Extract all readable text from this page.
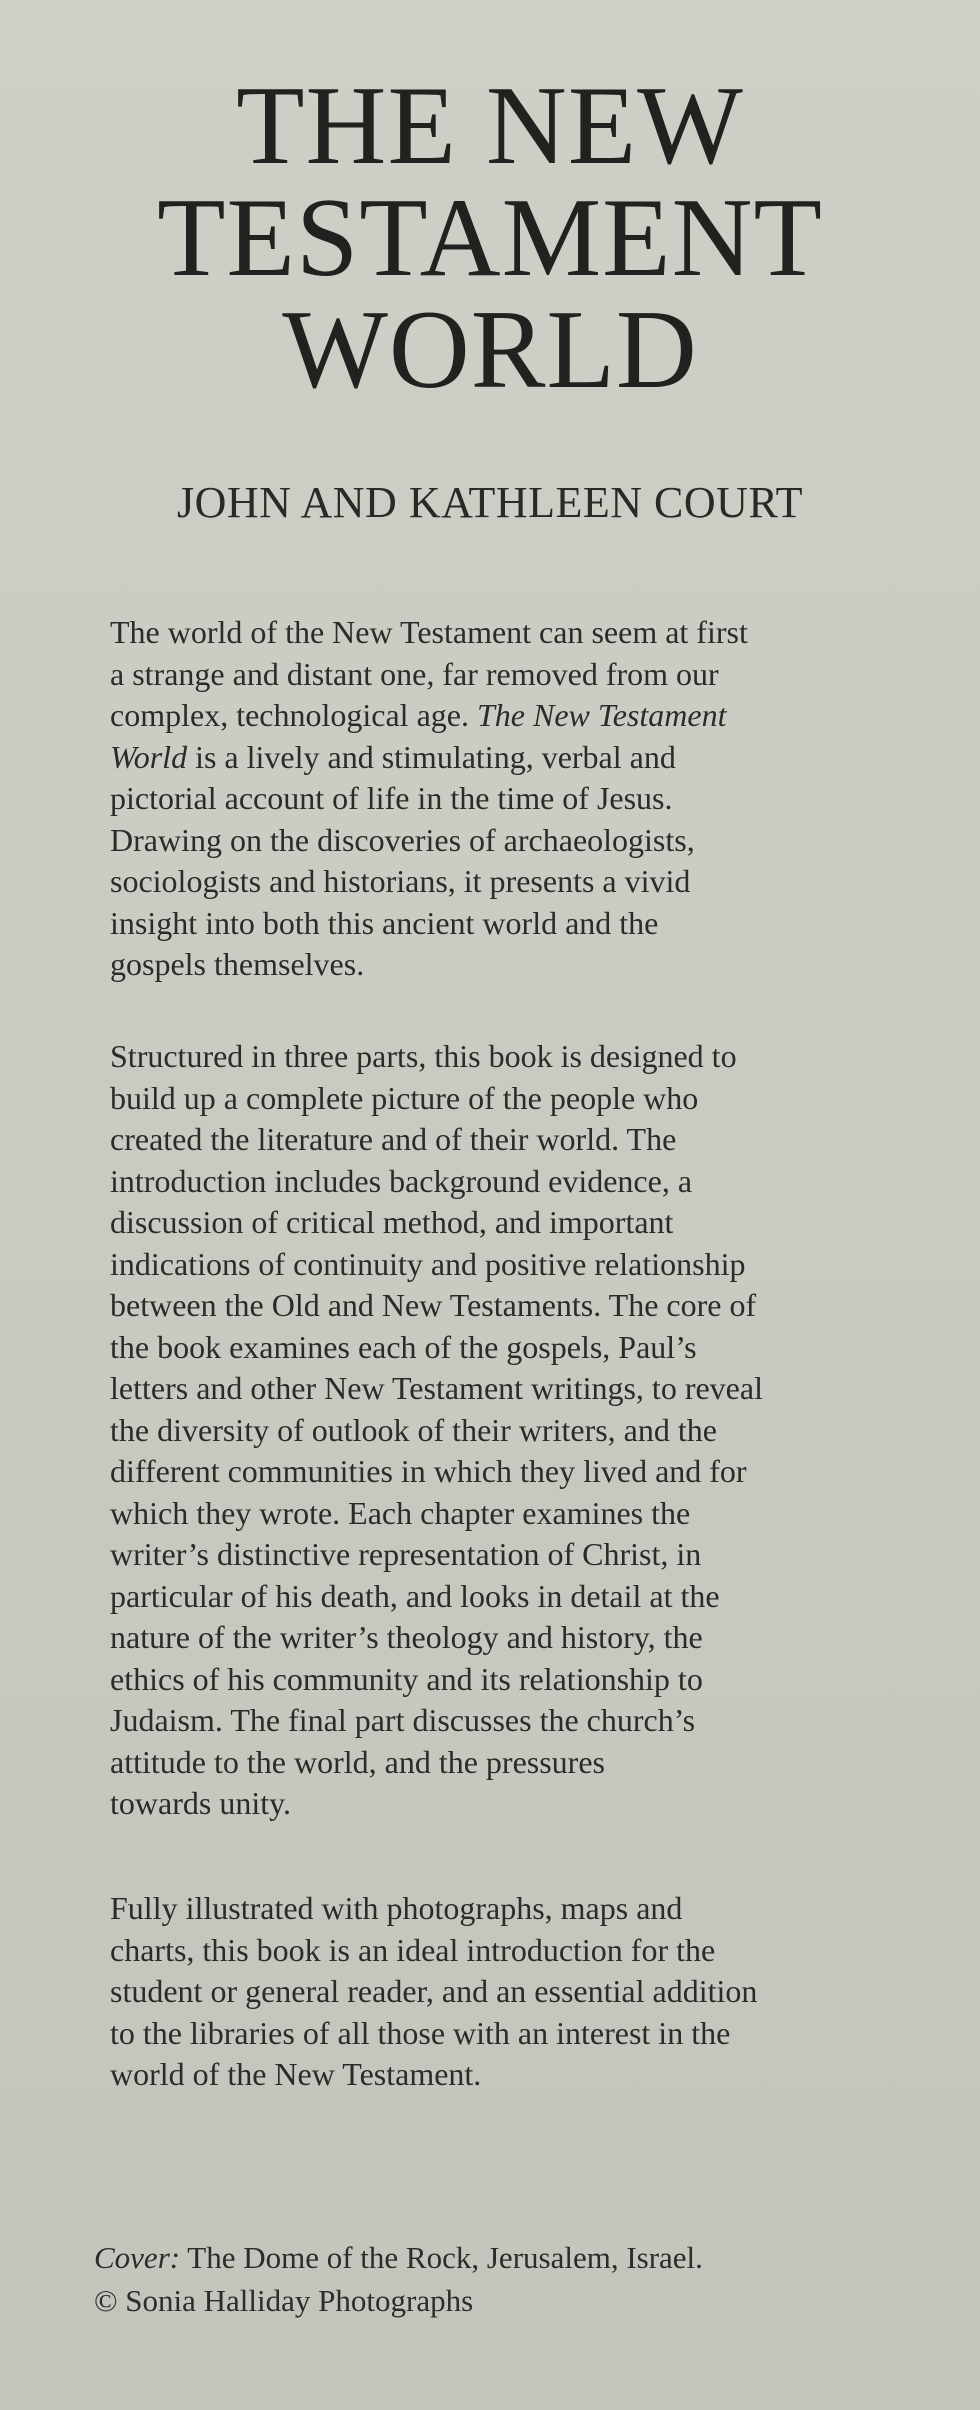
THE NEW
TESTAMENT
WORLD

JOHN AND KATHLEEN COURT

The world of the New Testament can seem at first
a strange and distant one, far removed from our
complex, technological age. The New Testament
World is a lively and stimulating, verbal and
pictorial account of life in the time of Jesus.
Drawing on the discoveries of archaeologists,
sociologists and historians, it presents a vivid
insight into both this ancient world and the
gospels themselves.

Structured in three parts, this book is designed to
build up a complete picture of the people who
created the literature and of their world. The
introduction includes background evidence, a
discussion of critical method, and important
indications of continuity and positive relationship
between the Old and New Testaments. The core of
the book examines each of the gospels, Paul’s
letters and other New Testament writings, to reveal
the diversity of outlook of their writers, and the
different communities in which they lived and for
which they wrote. Each chapter examines the
writer’s distinctive representation of Christ, in
particular of his death, and looks in detail at the
nature of the writer’s theology and history, the
ethics of his community and its relationship to
Judaism. The final part discusses the church’s
attitude to the world, and the pressures
towards unity.

Fully illustrated with photographs, maps and
charts, this book is an ideal introduction for the
student or general reader, and an essential addition
to the libraries of all those with an interest in the
world of the New Testament.

Cover: The Dome of the Rock, Jerusalem, Israel.
© Sonia Halliday Photographs
